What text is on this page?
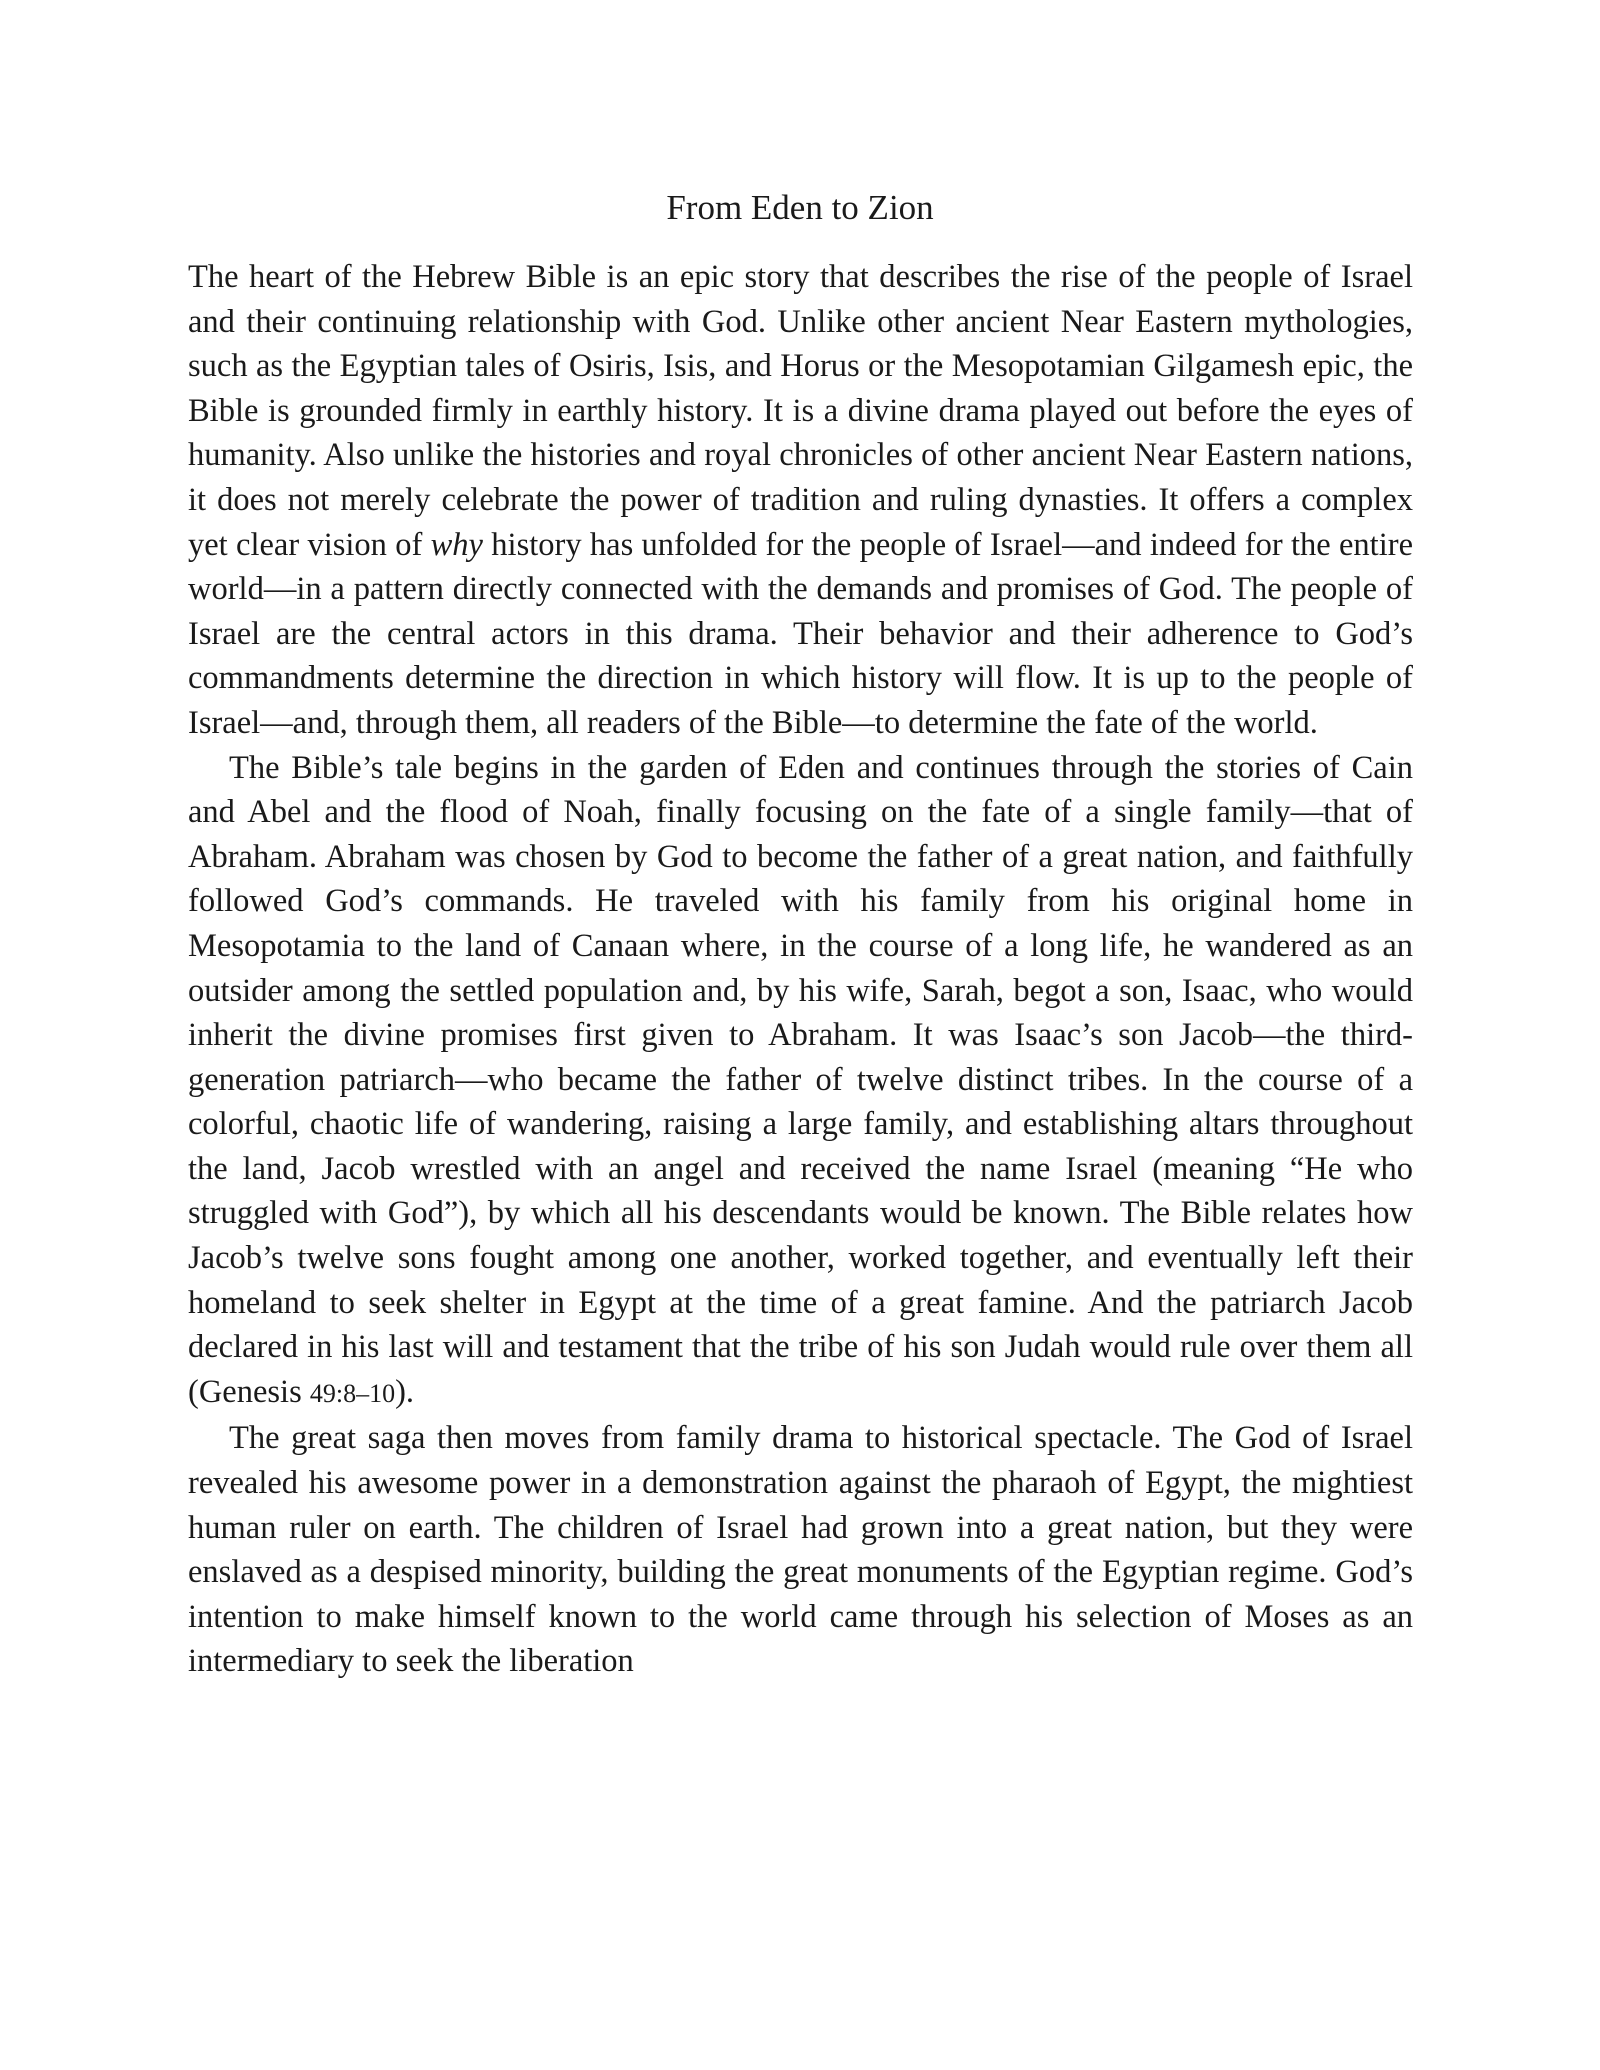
From Eden to Zion

The heart of the Hebrew Bible is an epic story that describes the rise of the people of Israel and their continuing relationship with God. Unlike other ancient Near Eastern mythologies, such as the Egyptian tales of Osiris, Isis, and Horus or the Mesopotamian Gilgamesh epic, the Bible is grounded firmly in earthly history. It is a divine drama played out before the eyes of humanity. Also unlike the histories and royal chronicles of other ancient Near Eastern nations, it does not merely celebrate the power of tradition and ruling dynasties. It offers a complex yet clear vision of why history has unfolded for the people of Israel—and indeed for the entire world—in a pattern directly connected with the demands and promises of God. The people of Israel are the central actors in this drama. Their behavior and their adherence to God’s commandments determine the direction in which history will flow. It is up to the people of Israel—and, through them, all readers of the Bible—to determine the fate of the world.

The Bible’s tale begins in the garden of Eden and continues through the stories of Cain and Abel and the flood of Noah, finally focusing on the fate of a single family—that of Abraham. Abraham was chosen by God to become the father of a great nation, and faithfully followed God’s commands. He traveled with his family from his original home in Mesopotamia to the land of Canaan where, in the course of a long life, he wandered as an outsider among the settled population and, by his wife, Sarah, begot a son, Isaac, who would inherit the divine promises first given to Abraham. It was Isaac’s son Jacob—the third-generation patriarch—who became the father of twelve distinct tribes. In the course of a colorful, chaotic life of wandering, raising a large family, and establishing altars throughout the land, Jacob wrestled with an angel and received the name Israel (meaning “He who struggled with God”), by which all his descendants would be known. The Bible relates how Jacob’s twelve sons fought among one another, worked together, and eventually left their homeland to seek shelter in Egypt at the time of a great famine. And the patriarch Jacob declared in his last will and testament that the tribe of his son Judah would rule over them all (Genesis 49:8–10).

The great saga then moves from family drama to historical spectacle. The God of Israel revealed his awesome power in a demonstration against the pharaoh of Egypt, the mightiest human ruler on earth. The children of Israel had grown into a great nation, but they were enslaved as a despised minority, building the great monuments of the Egyptian regime. God’s intention to make himself known to the world came through his selection of Moses as an intermediary to seek the liberation
